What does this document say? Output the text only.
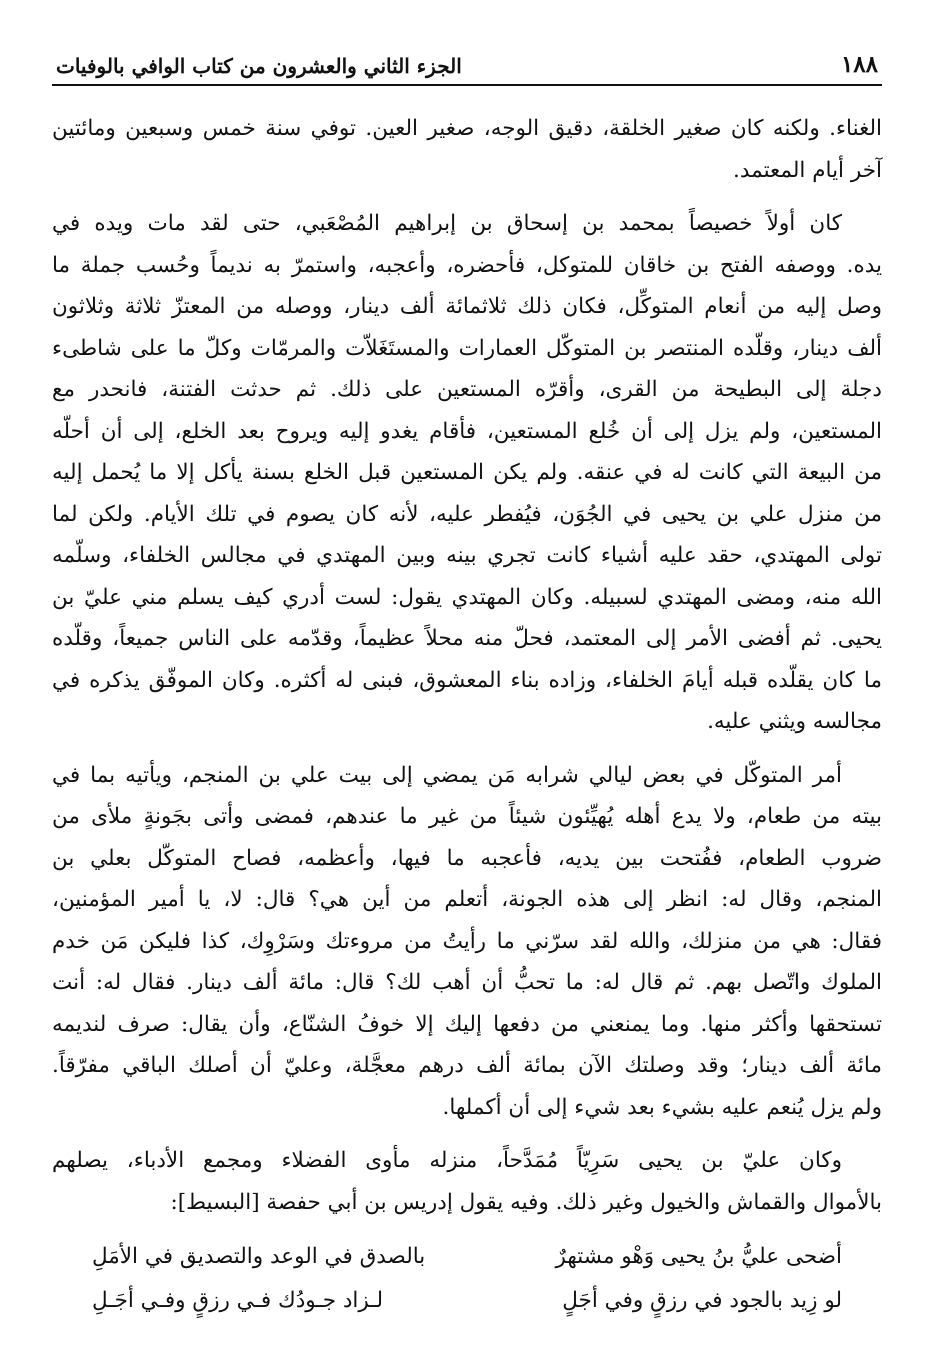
١٨٨
الجزء الثاني والعشرون من كتاب الوافي بالوفيات

الغناء. ولكنه كان صغير الخلقة، دقيق الوجه، صغير العين. توفي سنة خمس وسبعين ومائتين
آخر أيام المعتمد.

كان أولاً خصيصاً بمحمد بن إسحاق بن إبراهيم المُصْعَبي، حتى لقد مات ويده في
يده. ووصفه الفتح بن خاقان للمتوكل، فأحضره، وأعجبه، واستمرّ به نديماً وحُسب جملة ما
وصل إليه من أنعام المتوكِّل، فكان ذلك ثلاثمائة ألف دينار، ووصله من المعتزّ ثلاثة وثلاثون
ألف دينار، وقلّده المنتصر بن المتوكّل العمارات والمستَغَلاّت والمرمّات وكلّ ما على شاطىء
دجلة إلى البطيحة من القرى، وأقرّه المستعين على ذلك. ثم حدثت الفتنة، فانحدر مع
المستعين، ولم يزل إلى أن خُلع المستعين، فأقام يغدو إليه ويروح بعد الخلع، إلى أن أحلّه
من البيعة التي كانت له في عنقه. ولم يكن المستعين قبل الخلع بسنة يأكل إلا ما يُحمل إليه
من منزل علي بن يحيى في الجُوَن، فيُفطر عليه، لأنه كان يصوم في تلك الأيام. ولكن لما
تولى المهتدي، حقد عليه أشياء كانت تجري بينه وبين المهتدي في مجالس الخلفاء، وسلّمه
الله منه، ومضى المهتدي لسبيله. وكان المهتدي يقول: لست أدري كيف يسلم مني عليّ بن
يحيى. ثم أفضى الأمر إلى المعتمد، فحلّ منه محلاً عظيماً، وقدّمه على الناس جميعاً، وقلّده
ما كان يقلّده قبله أيامَ الخلفاء، وزاده بناء المعشوق، فبنى له أكثره. وكان الموفّق يذكره في
مجالسه ويثني عليه.

أمر المتوكّل في بعض ليالي شرابه مَن يمضي إلى بيت علي بن المنجم، ويأتيه بما في
بيته من طعام، ولا يدع أهله يُهيِّئون شيئاً من غير ما عندهم، فمضى وأتى بجَونةٍ ملأى من
ضروب الطعام، ففُتحت بين يديه، فأعجبه ما فيها، وأعظمه، فصاح المتوكّل بعلي بن
المنجم، وقال له: انظر إلى هذه الجونة، أتعلم من أين هي؟ قال: لا، يا أمير المؤمنين،
فقال: هي من منزلك، والله لقد سرّني ما رأيتُ من مروءتك وسَرْوِك، كذا فليكن مَن خدم
الملوك واتّصل بهم. ثم قال له: ما تحبُّ أن أهب لك؟ قال: مائة ألف دينار. فقال له: أنت
تستحقها وأكثر منها. وما يمنعني من دفعها إليك إلا خوفُ الشنّاع، وأن يقال: صرف لنديمه
مائة ألف دينار؛ وقد وصلتك الآن بمائة ألف درهم معجَّلة، وعليّ أن أصلك الباقي مفرّقاً.
ولم يزل يُنعم عليه بشيء بعد شيء إلى أن أكملها.

وكان عليّ بن يحيى سَرِيّاً مُمَدَّحاً، منزله مأوى الفضلاء ومجمع الأدباء، يصلهم
بالأموال والقماش والخيول وغير ذلك. وفيه يقول إدريس بن أبي حفصة [البسيط]:

أضحى عليُّ بنُ يحيى وَهْو مشتهرٌ
بالصدق في الوعد والتصديق في الأمَلِ
لو زِيد بالجود في رزقٍ وفي أجَلٍ
لـزاد جـودُك فـي رزقٍ وفـي أجَـلِ
